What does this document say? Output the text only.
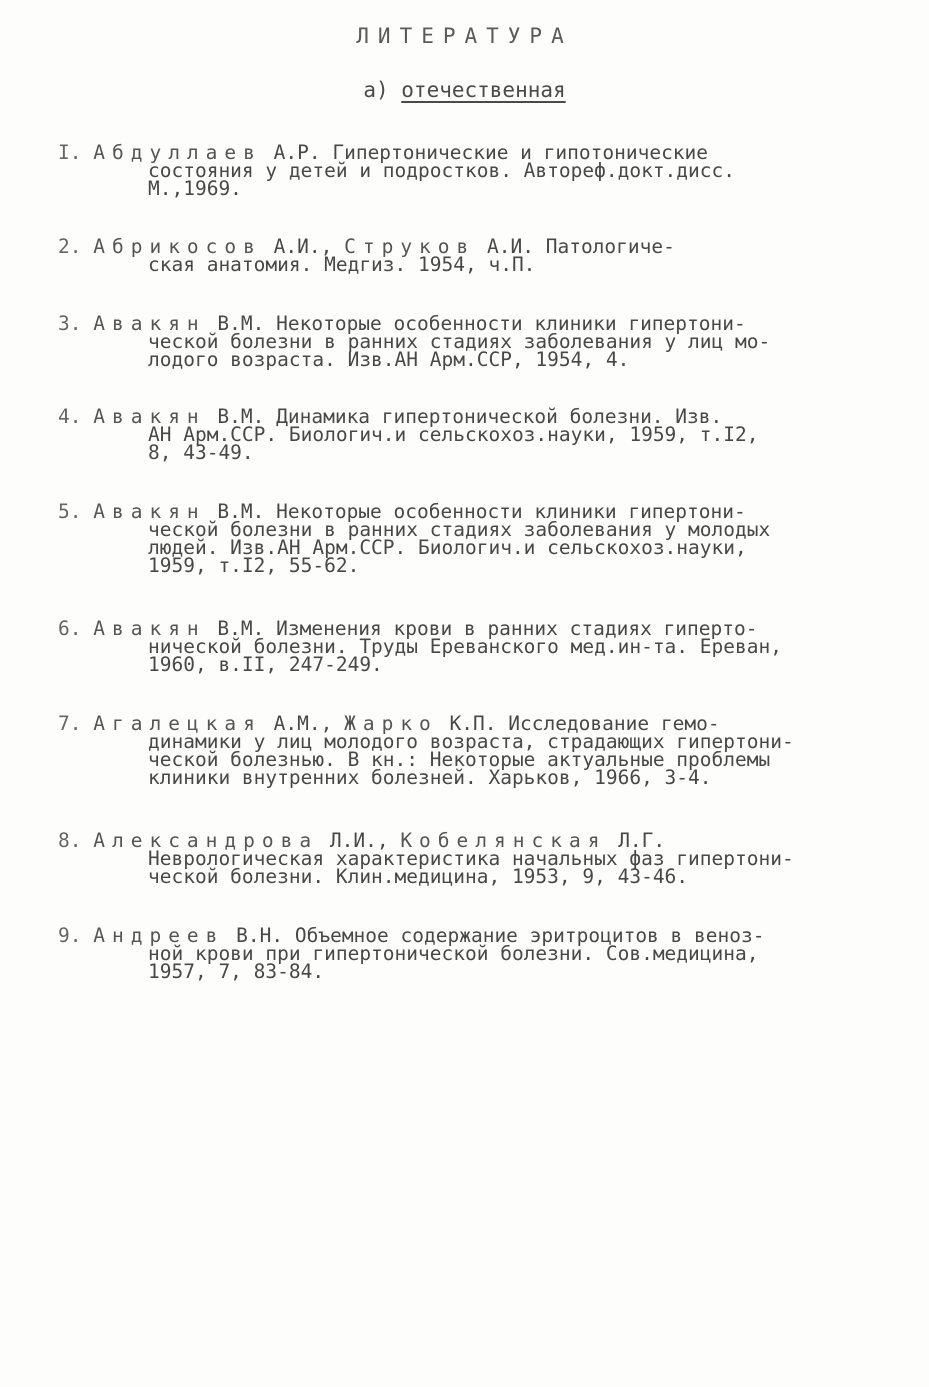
ЛИТЕРАТУРА
а) отечественная
I. Абдуллаев А.Р. Гипертонические и гипотонические
состояния у детей и подростков. Автореф.докт.дисс.
М.,1969.
2. Абрикосов А.И., Струков А.И. Патологиче-
ская анатомия. Медгиз. 1954, ч.П.
3. Авакян В.М. Некоторые особенности клиники гипертони-
ческой болезни в ранних стадиях заболевания у лиц мо-
лодого возраста. Изв.АН Арм.ССР, 1954, 4.
4. Авакян В.М. Динамика гипертонической болезни. Изв.
АН Арм.ССР. Биологич.и сельскохоз.науки, 1959, т.I2,
8, 43-49.
5. Авакян В.М. Некоторые особенности клиники гипертони-
ческой болезни в ранних стадиях заболевания у молодых
людей. Изв.АН Арм.ССР. Биологич.и сельскохоз.науки,
1959, т.I2, 55-62.
6. Авакян В.М. Изменения крови в ранних стадиях гиперто-
нической болезни. Труды Ереванского мед.ин-та. Ереван,
1960, в.II, 247-249.
7. Агалецкая А.М., Жарко К.П. Исследование гемо-
динамики у лиц молодого возраста, страдающих гипертони-
ческой болезнью. В кн.: Некоторые актуальные проблемы
клиники внутренних болезней. Харьков, 1966, 3-4.
8. Александрова Л.И., Кобелянская Л.Г.
Неврологическая характеристика начальных фаз гипертони-
ческой болезни. Клин.медицина, 1953, 9, 43-46.
9. Андреев В.Н. Объемное содержание эритроцитов в веноз-
ной крови при гипертонической болезни. Сов.медицина,
1957, 7, 83-84.
